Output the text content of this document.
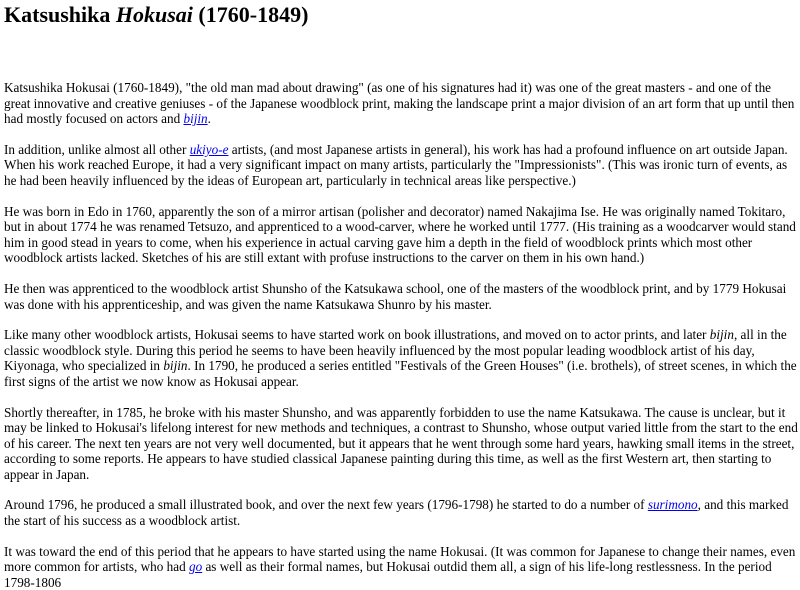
Katsushika Hokusai (1760-1849)

Katsushika Hokusai (1760-1849), "the old man mad about drawing" (as one of his signatures had it) was one of the great masters - and one of the great innovative and creative geniuses - of the Japanese woodblock print, making the landscape print a major division of an art form that up until then had mostly focused on actors and bijin.

In addition, unlike almost all other ukiyo-e artists, (and most Japanese artists in general), his work has had a profound influence on art outside Japan. When his work reached Europe, it had a very significant impact on many artists, particularly the "Impressionists". (This was ironic turn of events, as he had been heavily influenced by the ideas of European art, particularly in technical areas like perspective.)

He was born in Edo in 1760, apparently the son of a mirror artisan (polisher and decorator) named Nakajima Ise. He was originally named Tokitaro, but in about 1774 he was renamed Tetsuzo, and apprenticed to a wood-carver, where he worked until 1777. (His training as a woodcarver would stand him in good stead in years to come, when his experience in actual carving gave him a depth in the field of woodblock prints which most other woodblock artists lacked. Sketches of his are still extant with profuse instructions to the carver on them in his own hand.)

He then was apprenticed to the woodblock artist Shunsho of the Katsukawa school, one of the masters of the woodblock print, and by 1779 Hokusai was done with his apprenticeship, and was given the name Katsukawa Shunro by his master.

Like many other woodblock artists, Hokusai seems to have started work on book illustrations, and moved on to actor prints, and later bijin, all in the classic woodblock style. During this period he seems to have been heavily influenced by the most popular leading woodblock artist of his day, Kiyonaga, who specialized in bijin. In 1790, he produced a series entitled "Festivals of the Green Houses" (i.e. brothels), of street scenes, in which the first signs of the artist we now know as Hokusai appear.

Shortly thereafter, in 1785, he broke with his master Shunsho, and was apparently forbidden to use the name Katsukawa. The cause is unclear, but it may be linked to Hokusai's lifelong interest for new methods and techniques, a contrast to Shunsho, whose output varied little from the start to the end of his career. The next ten years are not very well documented, but it appears that he went through some hard years, hawking small items in the street, according to some reports. He appears to have studied classical Japanese painting during this time, as well as the first Western art, then starting to appear in Japan.

Around 1796, he produced a small illustrated book, and over the next few years (1796-1798) he started to do a number of surimono, and this marked the start of his success as a woodblock artist.

It was toward the end of this period that he appears to have started using the name Hokusai. (It was common for Japanese to change their names, even more common for artists, who had go as well as their formal names, but Hokusai outdid them all, a sign of his life-long restlessness. In the period 1798-1806
